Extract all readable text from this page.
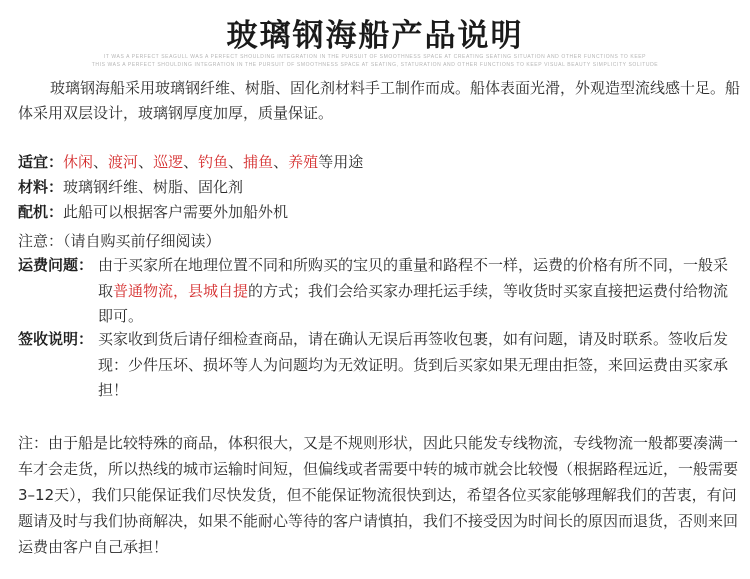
玻璃钢海船产品说明
IT WAS A PERFECT SEAGULL WAS A PERFECT SHOULDING INTEGRATION IN THE PURSUIT OF SMOOTHNESS SPACE AT CREATING SEATING SITUATION AND OTHER FUNCTIONS TO KEEP
THIS WAS A PERFECT SHOULDING INTEGRATION IN THE PURSUIT OF SMOOTHNESS SPACE AT SEATING, STATURATION AND OTHER FUNCTIONS TO KEEP VISUAL BEAUTY SIMPLICITY SOLITUDE
玻璃钢海船采用玻璃钢纤维、树脂、固化剂材料手工制作而成。船体表面光滑，外观造型流线感十足。船体采用双层设计，玻璃钢厚度加厚，质量保证。
适宜：休闲、渡河、巡逻、钓鱼、捕鱼、养殖等用途
材料：玻璃钢纤维、树脂、固化剂
配机：此船可以根据客户需要外加船外机
注意：（请自购买前仔细阅读）
运费问题： 由于买家所在地理位置不同和所购买的宝贝的重量和路程不一样，运费的价格有所不同，一般采取普通物流，县城自提的方式；我们会给买家办理托运手续，等收货时买家直接把运费付给物流即可。
签收说明： 买家收到货后请仔细检查商品，请在确认无误后再签收包裹，如有问题，请及时联系。签收后发现：少件压坏、损坏等人为问题均为无效证明。货到后买家如果无理由拒签，来回运费由买家承担！
注：由于船是比较特殊的商品，体积很大，又是不规则形状，因此只能发专线物流，专线物流一般都要凑满一车才会走货，所以热线的城市运输时间短，但偏线或者需要中转的城市就会比较慢（根据路程远近，一般需要3–12天），我们只能保证我们尽快发货，但不能保证物流很快到达，希望各位买家能够理解我们的苦衷，有问题请及时与我们协商解决，如果不能耐心等待的客户请慎拍，我们不接受因为时间长的原因而退货，否则来回运费由客户自己承担！
